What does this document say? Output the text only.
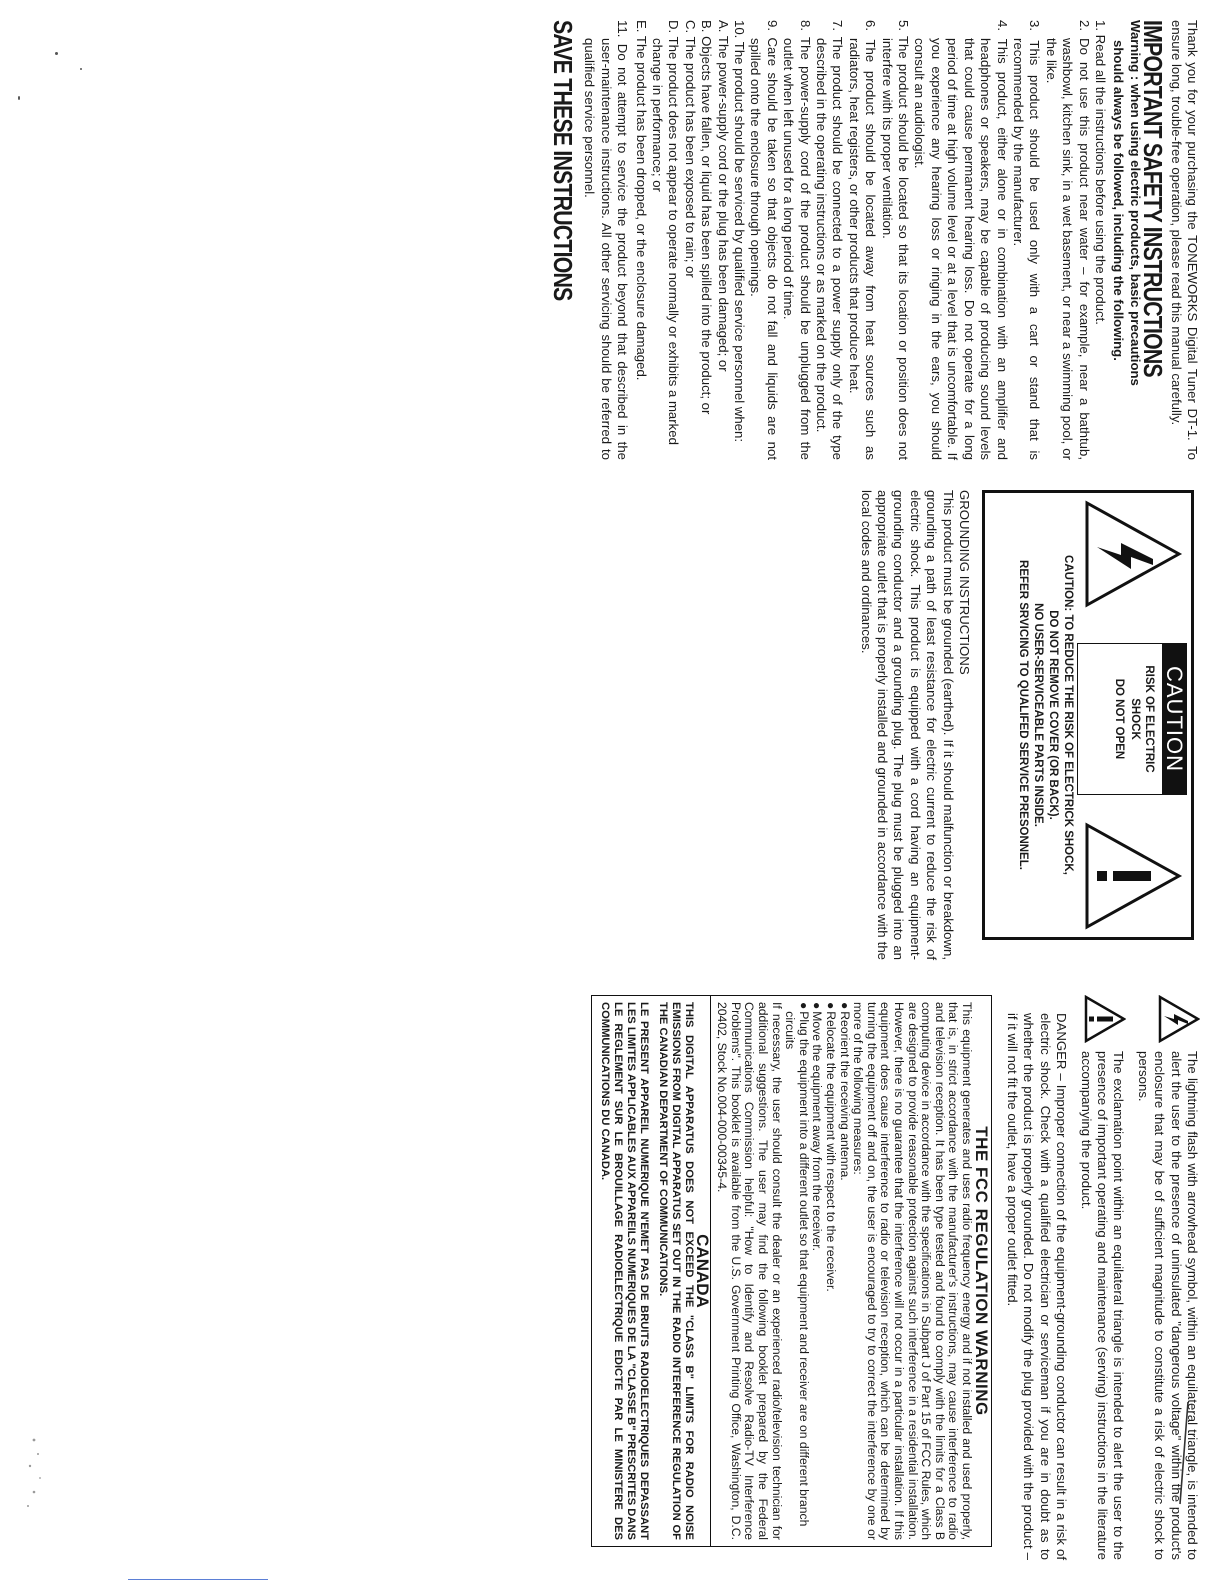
Thank you for your purchasing the TONEWORKS Digital Tuner DT-1. To ensure long, trouble-free operation, please read this manual carefully.

IMPORTANT SAFETY INSTRUCTIONS

Warning : when using electric products, basic precautions
should always be followed, including the following.

1. Read all the instructions before using the product.
2. Do not use this product near water – for example, near a bathtub, washbowl, kitchen sink, in a wet basement, or near a swimming pool, or the like.
3. This product should be used only with a cart or stand that is recommended by the manufacturer.
4. This product, either alone or in combination with an amplifier and headphones or speakers, may be capable of producing sound levels that could cause permanent hearing loss. Do not operate for a long period of time at high volume level or at a level that is uncomfortable. If you experience any hearing loss or ringing in the ears, you should consult an audiologist.
5. The product should be located so that its location or position does not interfere with its proper ventilation.
6. The product should be located away from heat sources such as radiators, heat registers, or other products that produce heat.
7. The product should be connected to a power supply only of the type described in the operating instructions or as marked on the product.
8. The power-supply cord of the product should be unplugged from the outlet when left unused for a long period of time.
9. Care should be taken so that objects do not fall and liquids are not spilled onto the enclosure through openings.
10. The product should be serviced by qualified service personnel when:
A. The power-supply cord or the plug has been damaged; or
B. Objects have fallen, or liquid has been spilled into the product; or
C. The product has been exposed to rain; or
D. The product does not appear to operate normally or exhibits a marked change in performance; or
E. The product has been dropped, or the enclosure damaged.
11. Do not attempt to service the product beyond that described in the user-maintenance instructions. All other servicing should be referred to qualified service personnel.
SAVE THESE INSTRUCTIONS
CAUTION
RISK OF ELECTRIC SHOCK
DO NOT OPEN
CAUTION: TO REDUCE THE RISK OF ELECTRICK SHOCK,
DO NOT REMOVE COVER (OR BACK).
NO USER-SERVICEABLE PARTS INSIDE.
REFER SRVICING TO QUALIFED SERVICE PRESONNEL.

GROUNDING INSTRUCTIONS

This product must be grounded (earthed). If it should malfunction or breakdown, grounding a path of least resistance for electric current to reduce the risk of electric shock. This product is equipped with a cord having an equipment-grounding conductor and a grounding plug. The plug must be plugged into an appropriate outlet that is properly installed and grounded in accordance with the local codes and ordinances.

The lightning flash with arrowhead symbol, within an equilateral triangle, is intended to alert the user to the presence of uninsulated "dangerous voltage" within the product's enclosure that may be of sufficient magnitude to constitute a risk of electric shock to persons.

The exclamation point within an equilateral triangle is intended to alert the user to the presence of important operating and maintenance (serving) instructions in the literature accompanying the product.

DANGER – Improper connection of the equipment-grounding conductor can result in a risk of electric shock. Check with a qualified electrician or serviceman if you are in doubt as to whether the product is properly grounded. Do not modify the plug provided with the product – if it will not fit the outlet, have a proper outlet fitted.

THE FCC REGULATION WARNING

This equipment generates and uses radio frequency energy and if not installed and used properly, that is, in strict accordance with the manufacturer's instructions, may cause interference to radio and television reception. It has been type tested and found to comply with the limits for a Class B computing device in accordance with the specifications in Subpart J of Part 15 of FCC Rules, which are designed to provide reasonable protection against such interference in a residential installation. However, there is no guarantee that the interference will not occur in a particular installation. If this equipment does cause interference to radio or television reception, which can be determined by turning the equipment off and on, the user is encouraged to try to correct the interference by one or more of the following measures:

●
Reorient the receiving antenna.
●
Relocate the equipment with respect to the receiver.
●
Move the equipment away from the receiver.
●
Plug the equipment into a different outlet so that equipment and receiver are on different branch circuits

If necessary, the user should consult the dealer or an experienced radio/television technician for additional suggestions. The user may find the following booklet prepared by the Federal Communications Commission helpful: "How to Identify and Resolve Radio-TV Interference Problems". This booklet is available from the U.S. Government Printing Office, Washington, D.C. 20402, Stock No.004-000-00345-4.

CANADA

THIS DIGITAL APPARATUS DOES NOT EXCEED THE "CLASS B" LIMITS FOR RADIO NOISE EMISSIONS FROM DIGITAL APPARATUS SET OUT IN THE RADIO INTERFERENCE REGULATION OF THE CANADIAN DEPARTMENT OF COMMUNICATIONS.

LE PRESENT APPAREIL NUMERIQUE N'EMET PAS DE BRUITS RADIOELECTRIQUES DEPASSANT LES LIMITES APPLICABLES AUX APPAREILS NUMERIQUES DE LA "CLASSE B" PRESCRITES DANS LE REGLEMENT SUR LE BROUILLAGE RADIOELECTRIQUE EDICTE PAR LE MINISTERE DES COMMUNICATIONS DU CANADA.
